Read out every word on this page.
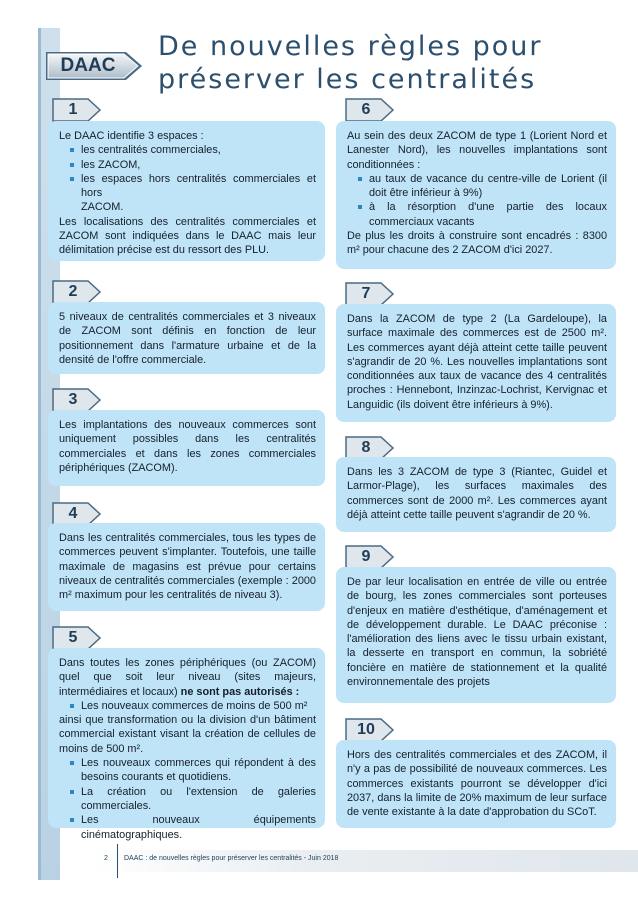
DAAC
De nouvelles règles pour
préserver les centralités
1

Le DAAC identifie 3 espaces :

les centralités commerciales,

les ZACOM,

les espaces hors centralités commerciales et hors

ZACOM.

Les localisations des centralités commerciales et ZACOM sont indiquées dans le DAAC mais leur délimitation précise est du ressort des PLU.

2

5 niveaux de centralités commerciales et 3 niveaux de ZACOM sont définis en fonction de leur positionnement dans l'armature urbaine et de la densité de l'offre commerciale.

3

Les implantations des nouveaux commerces sont uniquement possibles dans les centralités commerciales et dans les zones commerciales périphériques (ZACOM).

4

Dans les centralités commerciales, tous les types de commerces peuvent s'implanter. Toutefois, une taille maximale de magasins est prévue pour certains niveaux de centralités commerciales (exemple : 2000 m² maximum pour les centralités de niveau 3).

5

Dans toutes les zones périphériques (ou ZACOM) quel que soit leur niveau (sites majeurs, intermédiaires et locaux) ne sont pas autorisés :

Les nouveaux commerces de moins de 500 m²

ainsi que transformation ou la division d'un bâtiment commercial existant visant la création de cellules de moins de 500 m².

Les nouveaux commerces qui répondent à des besoins courants et quotidiens.

La création ou l'extension de galeries commerciales.

Les nouveaux équipements cinématographiques.

6

Au sein des deux ZACOM de type 1 (Lorient Nord et Lanester Nord), les nouvelles implantations sont conditionnées :

au taux de vacance du centre-ville de Lorient (il doit être inférieur à 9%)

à la résorption d'une partie des locaux commerciaux vacants

De plus les droits à construire sont encadrés : 8300 m² pour chacune des 2 ZACOM d'ici 2027.

7

Dans la ZACOM de type 2 (La Gardeloupe), la surface maximale des commerces est de 2500 m². Les commerces ayant déjà atteint cette taille peuvent s'agrandir de 20 %. Les nouvelles implantations sont conditionnées aux taux de vacance des 4 centralités proches : Hennebont, Inzinzac-Lochrist, Kervignac et Languidic (ils doivent être inférieurs à 9%).

8

Dans les 3 ZACOM de type 3 (Riantec, Guidel et Larmor-Plage), les surfaces maximales des commerces sont de 2000 m². Les commerces ayant déjà atteint cette taille peuvent s'agrandir de 20 %.

9

De par leur localisation en entrée de ville ou entrée de bourg, les zones commerciales sont porteuses d'enjeux en matière d'esthétique, d'aménagement et de développement durable. Le DAAC préconise : l'amélioration des liens avec le tissu urbain existant, la desserte en transport en commun, la sobriété foncière en matière de stationnement et la qualité environnementale des projets

10

Hors des centralités commerciales et des ZACOM, il n'y a pas de possibilité de nouveaux commerces. Les commerces existants pourront se développer d'ici 2037, dans la limite de 20% maximum de leur surface de vente existante à la date d'approbation du SCoT.

2 DAAC : de nouvelles règles pour préserver les centralités - Juin 2018
